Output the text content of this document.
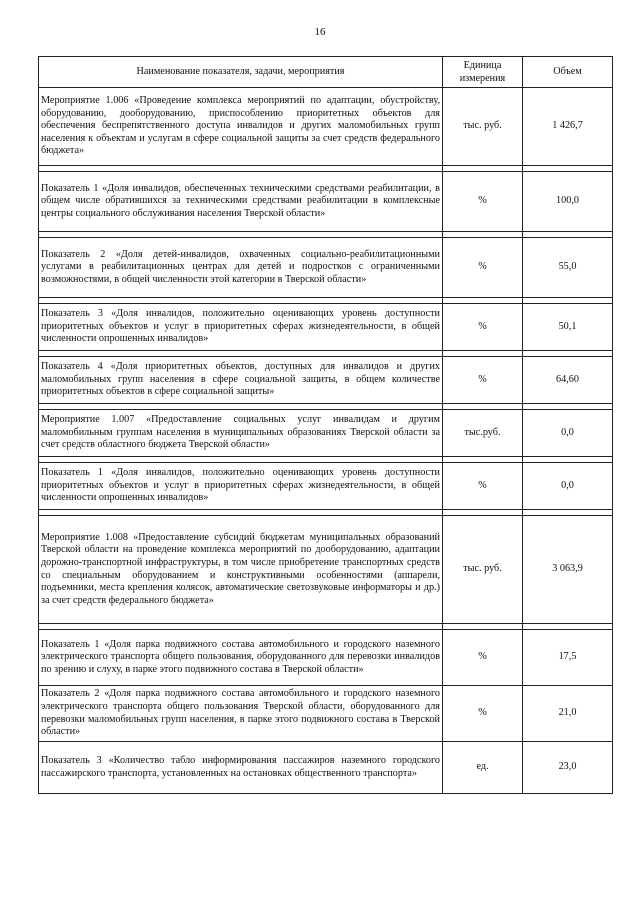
16
Наименование показателя, задачи, мероприятия	Единица измерения	Объем
Мероприятие 1.006 «Проведение комплекса мероприятий по адаптации, обустройству, оборудованию, дооборудованию, приспособлению приоритетных объектов для обеспечения беспрепятственного доступа инвалидов и других маломобильных групп населения к объектам и услугам в сфере социальной защиты за счет средств федерального бюджета»	тыс. руб.	1 426,7

Показатель 1 «Доля инвалидов, обеспеченных техническими средствами реабилитации, в общем числе обратившихся за техническими средствами реабилитации в комплексные центры социального обслуживания населения Тверской области»	%	100,0

Показатель 2 «Доля детей-инвалидов, охваченных социально-реабилитационными услугами в реабилитационных центрах для детей и подростков с ограниченными возможностями, в общей численности этой категории в Тверской области»	%	55,0

Показатель 3 «Доля инвалидов, положительно оценивающих уровень доступности приоритетных объектов и услуг в приоритетных сферах жизнедеятельности, в общей численности опрошенных инвалидов»	%	50,1

Показатель 4 «Доля приоритетных объектов, доступных для инвалидов и других маломобильных групп населения в сфере социальной защиты, в общем количестве приоритетных объектов в сфере социальной защиты»	%	64,60

Мероприятие 1.007 «Предоставление социальных услуг инвалидам и другим маломобильным группам населения в муниципальных образованиях Тверской области за счет средств областного бюджета Тверской области»	тыс.руб.	0,0

Показатель 1 «Доля инвалидов, положительно оценивающих уровень доступности приоритетных объектов и услуг в приоритетных сферах жизнедеятельности, в общей численности опрошенных инвалидов»	%	0,0

Мероприятие 1.008 «Предоставление субсидий бюджетам муниципальных образований Тверской области на проведение комплекса мероприятий по дооборудованию, адаптации дорожно-транспортной инфраструктуры, в том числе приобретение транспортных средств со специальным оборудованием и конструктивными особенностями (аппарели, подъемники, места крепления колясок, автоматические светозвуковые информаторы и др.) за счет средств федерального бюджета»	тыс. руб.	3 063,9

Показатель 1 «Доля парка подвижного состава автомобильного и городского наземного электрического транспорта общего пользования, оборудованного для перевозки инвалидов по зрению и слуху, в парке этого подвижного состава в Тверской области»	%	17,5
Показатель 2 «Доля парка подвижного состава автомобильного и городского наземного электрического транспорта общего пользования Тверской области, оборудованного для перевозки маломобильных групп населения, в парке этого подвижного состава в Тверской области»	%	21,0
Показатель 3 «Количество табло информирования пассажиров наземного городского пассажирского транспорта, установленных на остановках общественного транспорта»	ед.	23,0
